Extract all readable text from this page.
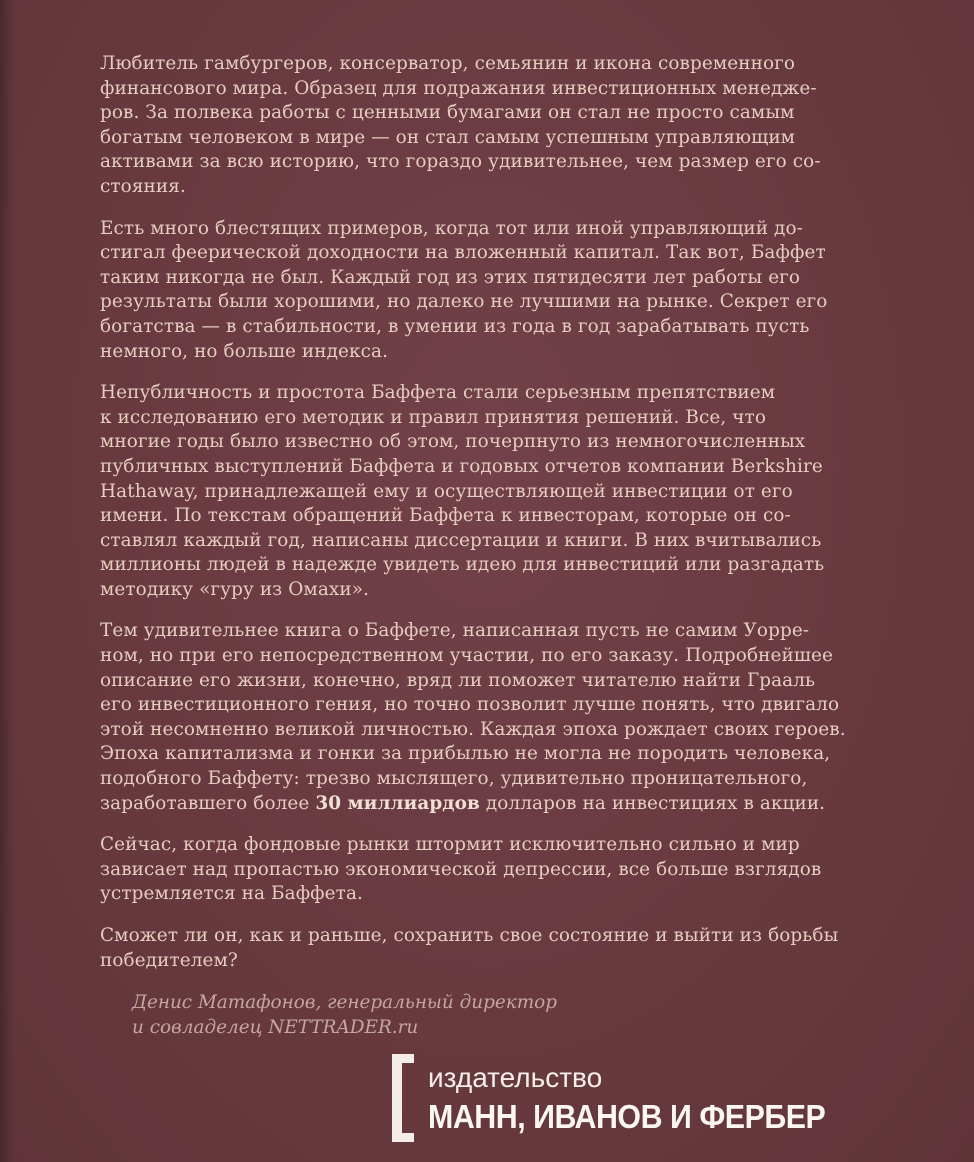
Любитель гамбургеров, консерватор, семьянин и икона современного
финансового мира. Образец для подражания инвестиционных менедже-
ров. За полвека работы с ценными бумагами он стал не просто самым
богатым человеком в мире — он стал самым успешным управляющим
активами за всю историю, что гораздо удивительнее, чем размер его со-
стояния.

Есть много блестящих примеров, когда тот или иной управляющий до-
стигал феерической доходности на вложенный капитал. Так вот, Баффет
таким никогда не был. Каждый год из этих пятидесяти лет работы его
результаты были хорошими, но далеко не лучшими на рынке. Секрет его
богатства — в стабильности, в умении из года в год зарабатывать пусть
немного, но больше индекса.

Непубличность и простота Баффета стали серьезным препятствием
к исследованию его методик и правил принятия решений. Все, что
многие годы было известно об этом, почерпнуто из немногочисленных
публичных выступлений Баффета и годовых отчетов компании Berkshire
Hathaway, принадлежащей ему и осуществляющей инвестиции от его
имени. По текстам обращений Баффета к инвесторам, которые он со-
ставлял каждый год, написаны диссертации и книги. В них вчитывались
миллионы людей в надежде увидеть идею для инвестиций или разгадать
методику «гуру из Омахи».

Тем удивительнее книга о Баффете, написанная пусть не самим Уорре-
ном, но при его непосредственном участии, по его заказу. Подробнейшее
описание его жизни, конечно, вряд ли поможет читателю найти Грааль
его инвестиционного гения, но точно позволит лучше понять, что двигало
этой несомненно великой личностью. Каждая эпоха рождает своих героев.
Эпоха капитализма и гонки за прибылью не могла не породить человека,
подобного Баффету: трезво мыслящего, удивительно проницательного,
заработавшего более 30 миллиардов долларов на инвестициях в акции.

Сейчас, когда фондовые рынки штормит исключительно сильно и мир
зависает над пропастью экономической депрессии, все больше взглядов
устремляется на Баффета.

Сможет ли он, как и раньше, сохранить свое состояние и выйти из борьбы
победителем?

Денис Матафонов, генеральный директор
и совладелец NETTRADER.ru
издательство
МАНН, ИВАНОВ И ФЕРБЕР
